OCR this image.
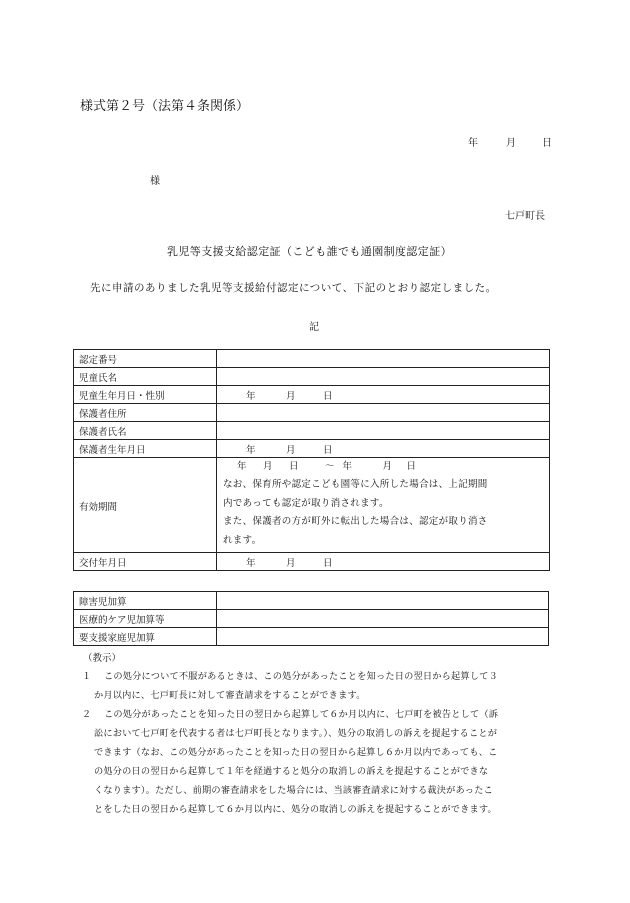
様式第２号（法第４条関係）
年	月	日
様
七戸町長
乳児等支援支給認定証（こども誰でも通園制度認定証）
先に申請のありました乳児等支援給付認定について、下記のとおり認定しました。
記
認定番号	
児童氏名	
児童生年月日・性別	年 月 日
保護者住所	
保護者氏名	
保護者生年月日	年 月 日
有効期間	年 月 日 ～ 年 月 日
なお、保育所や認定こども園等に入所した場合は、上記期間
内であっても認定が取り消されます。
また、保護者の方が町外に転出した場合は、認定が取り消さ
れます。

交付年月日	年 月 日
障害児加算	
医療的ケア児加算等	
要支援家庭児加算	
（教示）
１	この処分について不服があるときは、この処分があったことを知った日の翌日から起算して３
か月以内に、七戸町長に対して審査請求をすることができます。
２	この処分があったことを知った日の翌日から起算して６か月以内に、七戸町を被告として（訴
訟において七戸町を代表する者は七戸町長となります。）、処分の取消しの訴えを提起することが
できます（なお、この処分があったことを知った日の翌日から起算し６か月以内であっても、こ
の処分の日の翌日から起算して１年を経過すると処分の取消しの訴えを提起することができな
くなります）。ただし、前期の審査請求をした場合には、当該審査請求に対する裁決があったこ
とをした日の翌日から起算して６か月以内に、処分の取消しの訴えを提起することができます。
